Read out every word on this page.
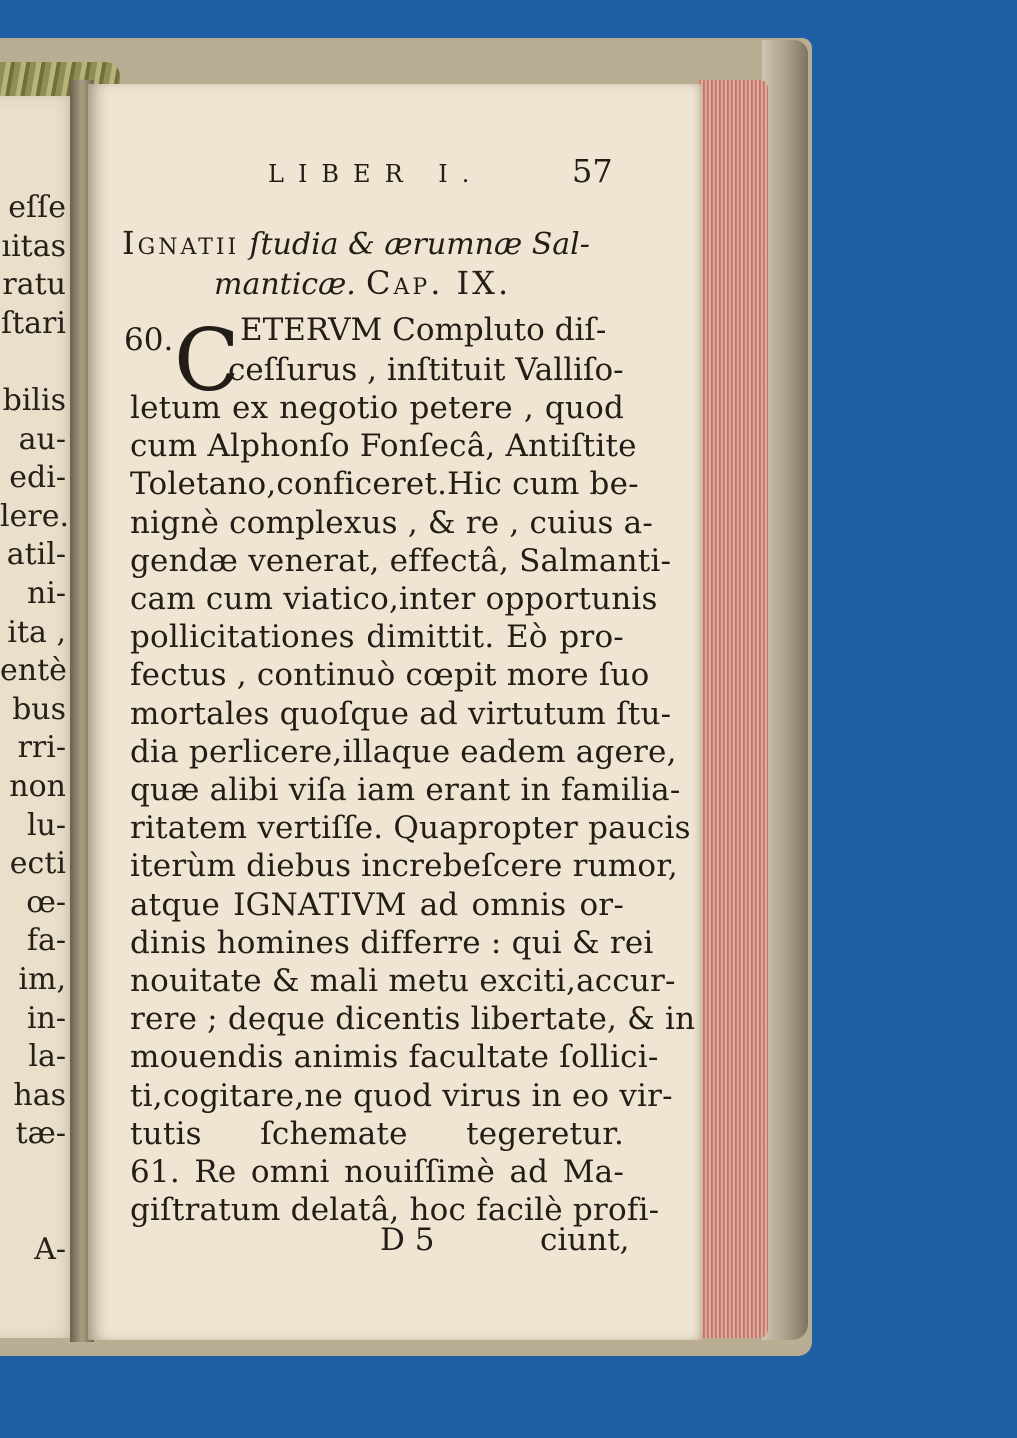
eſſe
ıitas
ratu
ſtari
bilis
au-
edi-
lere.
atil-
ni-
ita ,
entè
bus
rri-
non
lu-
ecti
œ-
fa-
im,
in-
la-
has
tæ-
A-
LIBER I.	57
Ignatii ſtudia & ærumnæ Sal-
manticæ. Cap. IX.
60. C ETERVM Compluto diſ-
ceſſurus , inſtituit Valliſo-
letum ex negotio petere , quod
cum Alphonſo Fonſecâ, Antiſtite
Toletano,conficeret.Hic cum be-
nignè complexus , & re , cuius a-
gendæ venerat, effectâ, Salmanti-
cam cum viatico,inter opportunis
pollicitationes dimittit. Eò pro-
fectus , continuò cœpit more ſuo
mortales quoſque ad virtutum ſtu-
dia perlicere,illaque eadem agere,
quæ alibi viſa iam erant in familia-
ritatem vertiſſe. Quapropter paucis
iterùm diebus increbeſcere rumor,
atque IGNATIVM ad omnis or-
dinis homines differre : qui & rei
nouitate & mali metu exciti,accur-
rere ; deque dicentis libertate, & in
mouendis animis facultate ſollici-
ti,cogitare,ne quod virus in eo vir-
tutis ſchemate tegeretur.
61. Re omni nouiſſimè ad Ma-
giſtratum delatâ, hoc facilè profi-
D 5	ciunt,
